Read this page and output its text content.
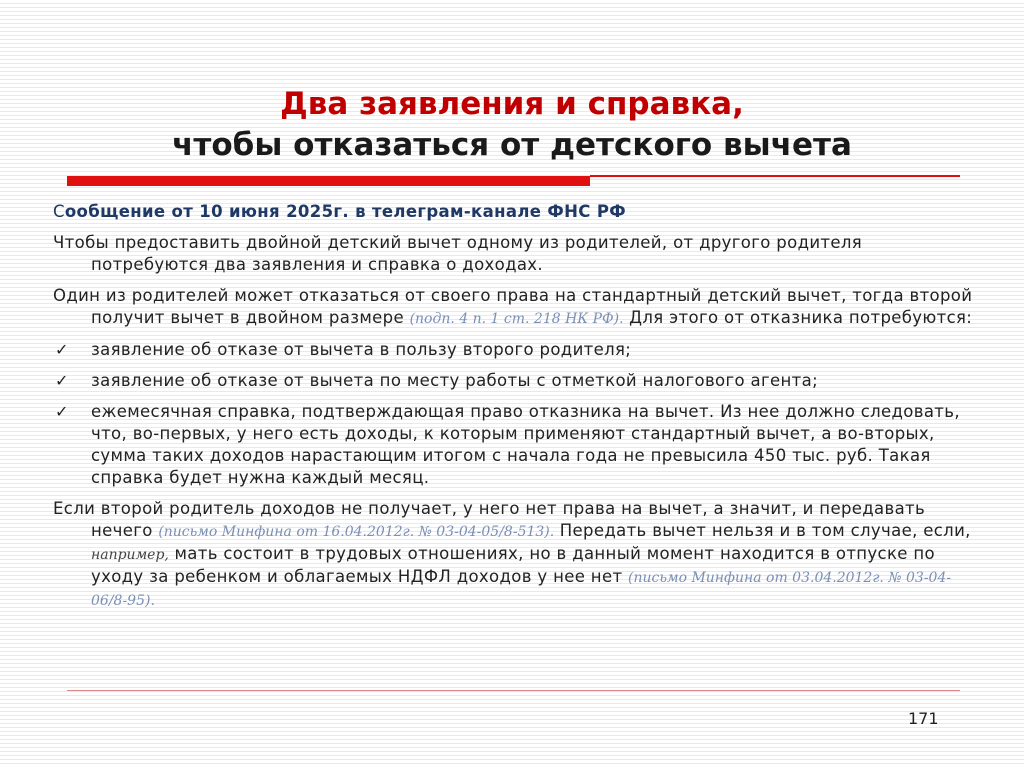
Два заявления и справка,
чтобы отказаться от детского вычета

Сообщение от 10 июня 2025г. в телеграм-канале ФНС РФ

Чтобы предоставить двойной детский вычет одному из родителей, от другого родителя потребуются два заявления и справка о доходах.

Один из родителей может отказаться от своего права на стандартный детский вычет, тогда второй получит вычет в двойном размере (подп. 4 п. 1 ст. 218 НК РФ). Для этого от отказника потребуются:

✓ заявление об отказе от вычета в пользу второго родителя;
✓ заявление об отказе от вычета по месту работы с отметкой налогового агента;
✓ ежемесячная справка, подтверждающая право отказника на вычет. Из нее должно следовать, что, во-первых, у него есть доходы, к которым применяют стандартный вычет, а во-вторых, сумма таких доходов нарастающим итогом с начала года не превысила 450 тыс. руб. Такая справка будет нужна каждый месяц.

Если второй родитель доходов не получает, у него нет права на вычет, а значит, и передавать нечего (письмо Минфина от 16.04.2012г. № 03-04-05/8-513). Передать вычет нельзя и в том случае, если, например, мать состоит в трудовых отношениях, но в данный момент находится в отпуске по уходу за ребенком и облагаемых НДФЛ доходов у нее нет (письмо Минфина от 03.04.2012г. № 03-04-06/8-95).

171
